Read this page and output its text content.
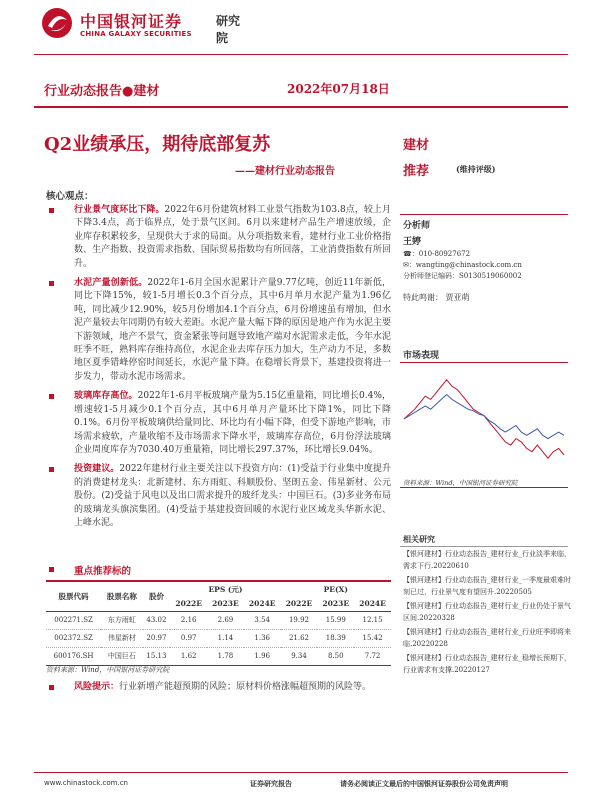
中国银河证券
CHINA GALAXY SECURITIES
研究院
行业动态报告●建材	2022年07月18日
Q2业绩承压，期待底部复苏
——建材行业动态报告
建材
推荐	(维持评级)
核心观点：

行业景气度环比下降。2022年6月份建筑材料工业景气指数为103.8点，较上月下降3.4点，高于临界点，处于景气区间。6月以来建材产品生产增速放缓，企业库存积累较多，呈现供大于求的局面。从分项指数来看，建材行业工业价格指数、生产指数、投资需求指数、国际贸易指数均有所回落，工业消费指数有所回升。

水泥产量创新低。2022年1-6月全国水泥累计产量9.77亿吨，创近11年新低，同比下降15%，较1-5月增长0.3个百分点，其中6月单月水泥产量为1.96亿吨，同比减少12.90%，较5月份增加4.1个百分点，6月份增速虽有增加，但水泥产量较去年同期仍有较大差距。水泥产量大幅下降的原因是地产作为水泥主要下游领域，地产不景气，资金紧张等问题导致地产端对水泥需求走低，今年水泥旺季不旺，熟料库存维持高位，水泥企业去库存压力加大，生产动力不足，多数地区夏季错峰停窑时间延长，水泥产量下降。在稳增长背景下，基建投资将进一步发力，带动水泥市场需求。

玻璃库存高位。2022年1-6月平板玻璃产量为5.15亿重量箱，同比增长0.4%，增速较1-5月减少0.1个百分点，其中6月单月产量环比下降1%，同比下降0.1%。6月份平板玻璃供给量同比、环比均有小幅下降，但受下游地产影响，市场需求疲软，产量收缩不及市场需求下降水平，玻璃库存高位，6月份浮法玻璃企业周度库存为7030.40万重量箱，同比增长297.37%，环比增长9.04%。

投资建议。2022年建材行业主要关注以下投资方向：(1)受益于行业集中度提升的消费建材龙头：北新建材、东方雨虹、科顺股份、坚朗五金、伟星新材、公元股份。(2)受益于风电以及出口需求提升的玻纤龙头：中国巨石。(3)多业务布局的玻璃龙头旗滨集团。(4)受益于基建投资回暖的水泥行业区域龙头华新水泥、上峰水泥。

重点推荐标的
股票代码	股票名称	股价	EPS (元)			PE(X)		
			2022E	2023E	2024E	2022E	2023E	2024E
002271.SZ	东方雨虹	43.02	2.16	2.69	3.54	19.92	15.99	12.15
002372.SZ	伟星新材	20.97	0.97	1.14	1.36	21.62	18.39	15.42
600176.SH	中国巨石	15.13	1.62	1.78	1.96	9.34	8.50	7.72
资料来源：Wind，中国银河证券研究院

风险提示：行业新增产能超预期的风险；原材料价格涨幅超预期的风险等。

分析师
王婷
☎：010-80927672
✉：wangting@chinastock.com.cn
分析师登记编码：S0130519060002
特此鸣谢： 贾亚萌
市场表现
资料来源：Wind，中国银河证券研究院
相关研究
【银河建材】行业动态报告_建材行业_行业淡季来临，需求下行.20220610
【银河建材】行业动态报告_建材行业_一季度最艰难时刻已过，行业景气度有望回升.20220505
【银河建材】行业动态报告_建材行业_行业仍处于景气区间.20220328
【银河建材】行业动态报告_建材行业_行业旺季即将来临.20220228
【银河建材】行业动态报告_建材行业_稳增长预期下，行业需求有支撑.20220127
www.chinastock.com.cn	证券研究报告	请务必阅读正文最后的中国银河证券股份公司免责声明
